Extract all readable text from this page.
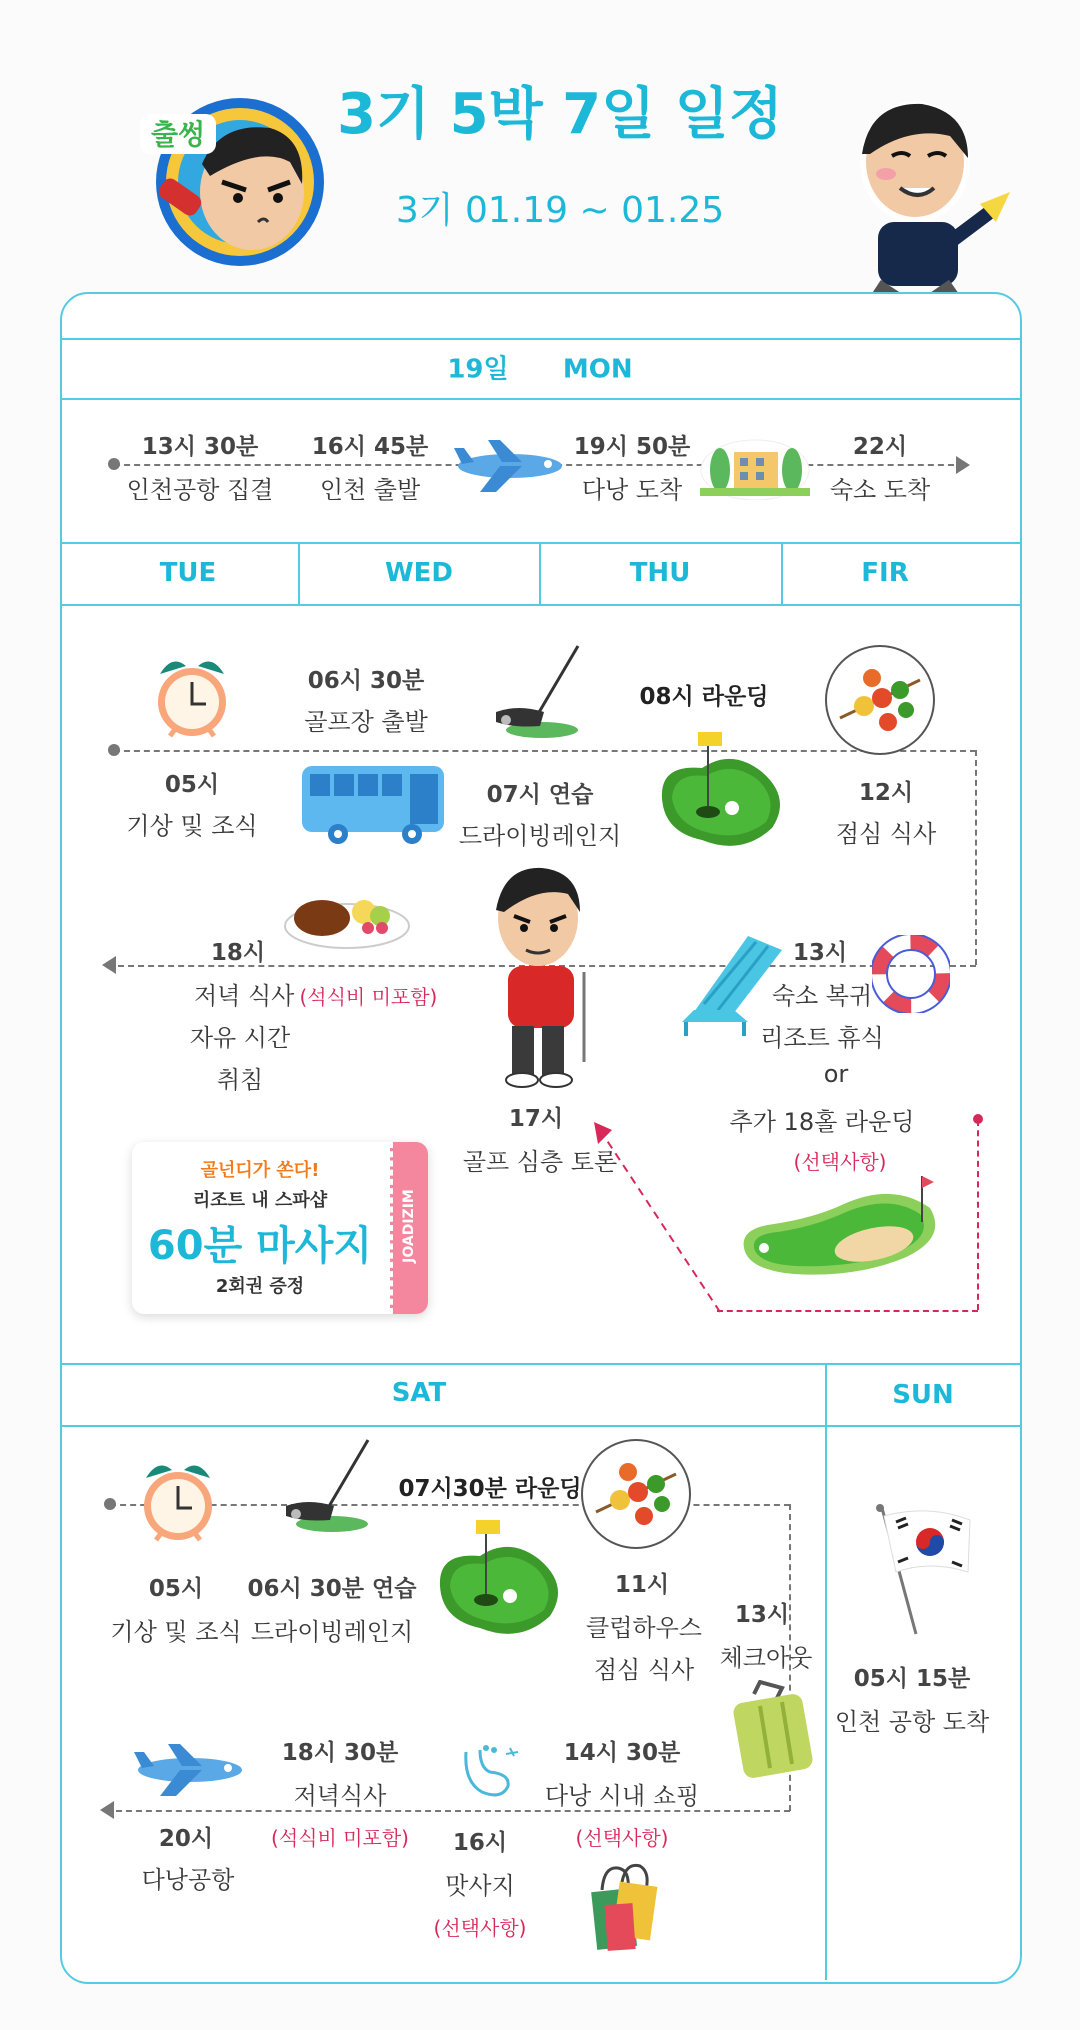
출썽	3기 5박 7일 일정
3기 01.19 ~ 01.25
19일      MON
13시 30분
인천공항 집결
16시 45분
인천 출발
19시 50분
다낭 도착
22시
숙소 도착
TUE	WED	THU	FIR
05시
기상 및 조식
06시 30분
골프장 출발
07시 연습
드라이빙레인지
08시 라운딩
12시
점심 식사
18시
저녁 식사 (석식비 미포함)
자유 시간
취침
17시
골프 심층 토론
13시
숙소 복귀
리조트 휴식
or
추가 18홀 라운딩
(선택사항)
골넌디가 쏜다!
리조트 내 스파샵
60분 마사지
2회권 증정
JOADIZIM
SAT	SUN
05시
기상 및 조식
06시 30분 연습
드라이빙레인지
07시30분 라운딩
11시
클럽하우스
점심 식사
13시
체크아웃
20시
다낭공항
18시 30분
저녁식사
(석식비 미포함) 16시
맛사지
(선택사항)
14시 30분
다낭 시내 쇼핑
(선택사항)
05시 15분
인천 공항 도착
